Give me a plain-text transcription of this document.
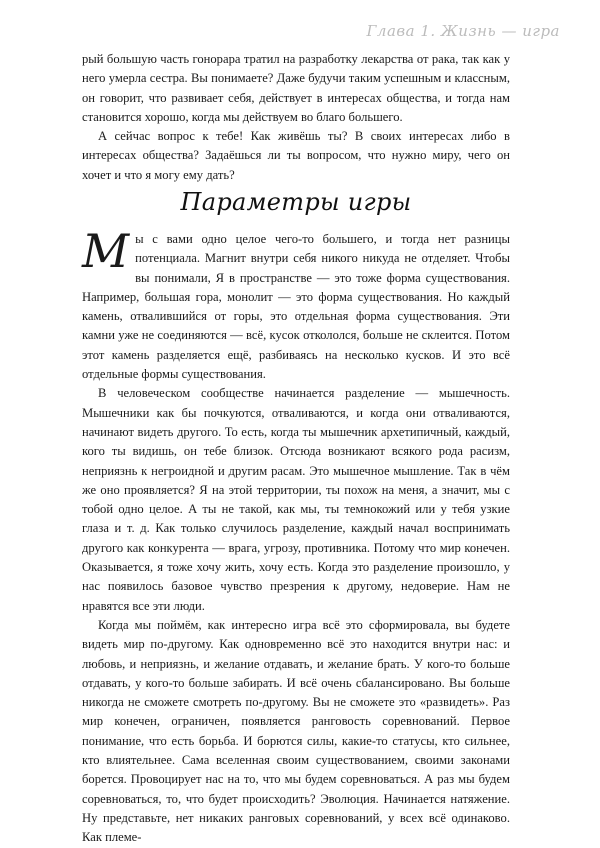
Глава 1. Жизнь — игра

рый большую часть гонорара тратил на разработку лекарства от рака, так как у него умерла сестра. Вы понимаете? Даже будучи таким успешным и классным, он говорит, что развивает себя, действует в интересах общества, и тогда нам становится хорошо, когда мы действуем во благо большего.

А сейчас вопрос к тебе! Как живёшь ты? В своих интересах либо в интересах общества? Задаёшься ли ты вопросом, что нужно миру, чего он хочет и что я могу ему дать?

Параметры игры

Мы с вами одно целое чего-то большего, и тогда нет разницы потенциала. Магнит внутри себя никого никуда не отделяет. Чтобы вы понимали, Я в пространстве — это тоже форма существования. Например, большая гора, монолит — это форма существования. Но каждый камень, отвалившийся от горы, это отдельная форма существования. Эти камни уже не соединяются — всё, кусок откололся, больше не склеится. Потом этот камень разделяется ещё, разбиваясь на несколько кусков. И это всё отдельные формы существования.

В человеческом сообществе начинается разделение — мышечность. Мышечники как бы почкуются, отваливаются, и когда они отваливаются, начинают видеть другого. То есть, когда ты мышечник архетипичный, каждый, кого ты видишь, он тебе близок. Отсюда возникают всякого рода расизм, неприязнь к негроидной и другим расам. Это мышечное мышление. Так в чём же оно проявляется? Я на этой территории, ты похож на меня, а значит, мы с тобой одно целое. А ты не такой, как мы, ты темнокожий или у тебя узкие глаза и т. д. Как только случилось разделение, каждый начал воспринимать другого как конкурента — врага, угрозу, противника. Потому что мир конечен. Оказывается, я тоже хочу жить, хочу есть. Когда это разделение произошло, у нас появилось базовое чувство презрения к другому, недоверие. Нам не нравятся все эти люди.

Когда мы поймём, как интересно игра всё это сформировала, вы будете видеть мир по-другому. Как одновременно всё это находится внутри нас: и любовь, и неприязнь, и желание отдавать, и желание брать. У кого-то больше отдавать, у кого-то больше забирать. И всё очень сбалансировано. Вы больше никогда не сможете смотреть по-другому. Вы не сможете это «развидеть». Раз мир конечен, ограничен, появляется ранговость соревнований. Первое понимание, что есть борьба. И борются силы, какие-то статусы, кто сильнее, кто влиятельнее. Сама вселенная своим существованием, своими законами борется. Провоцирует нас на то, что мы будем соревноваться. А раз мы будем соревноваться, то, что будет происходить? Эволюция. Начинается натяжение. Ну представьте, нет никаких ранговых соревнований, у всех всё одинаково. Как племе-
